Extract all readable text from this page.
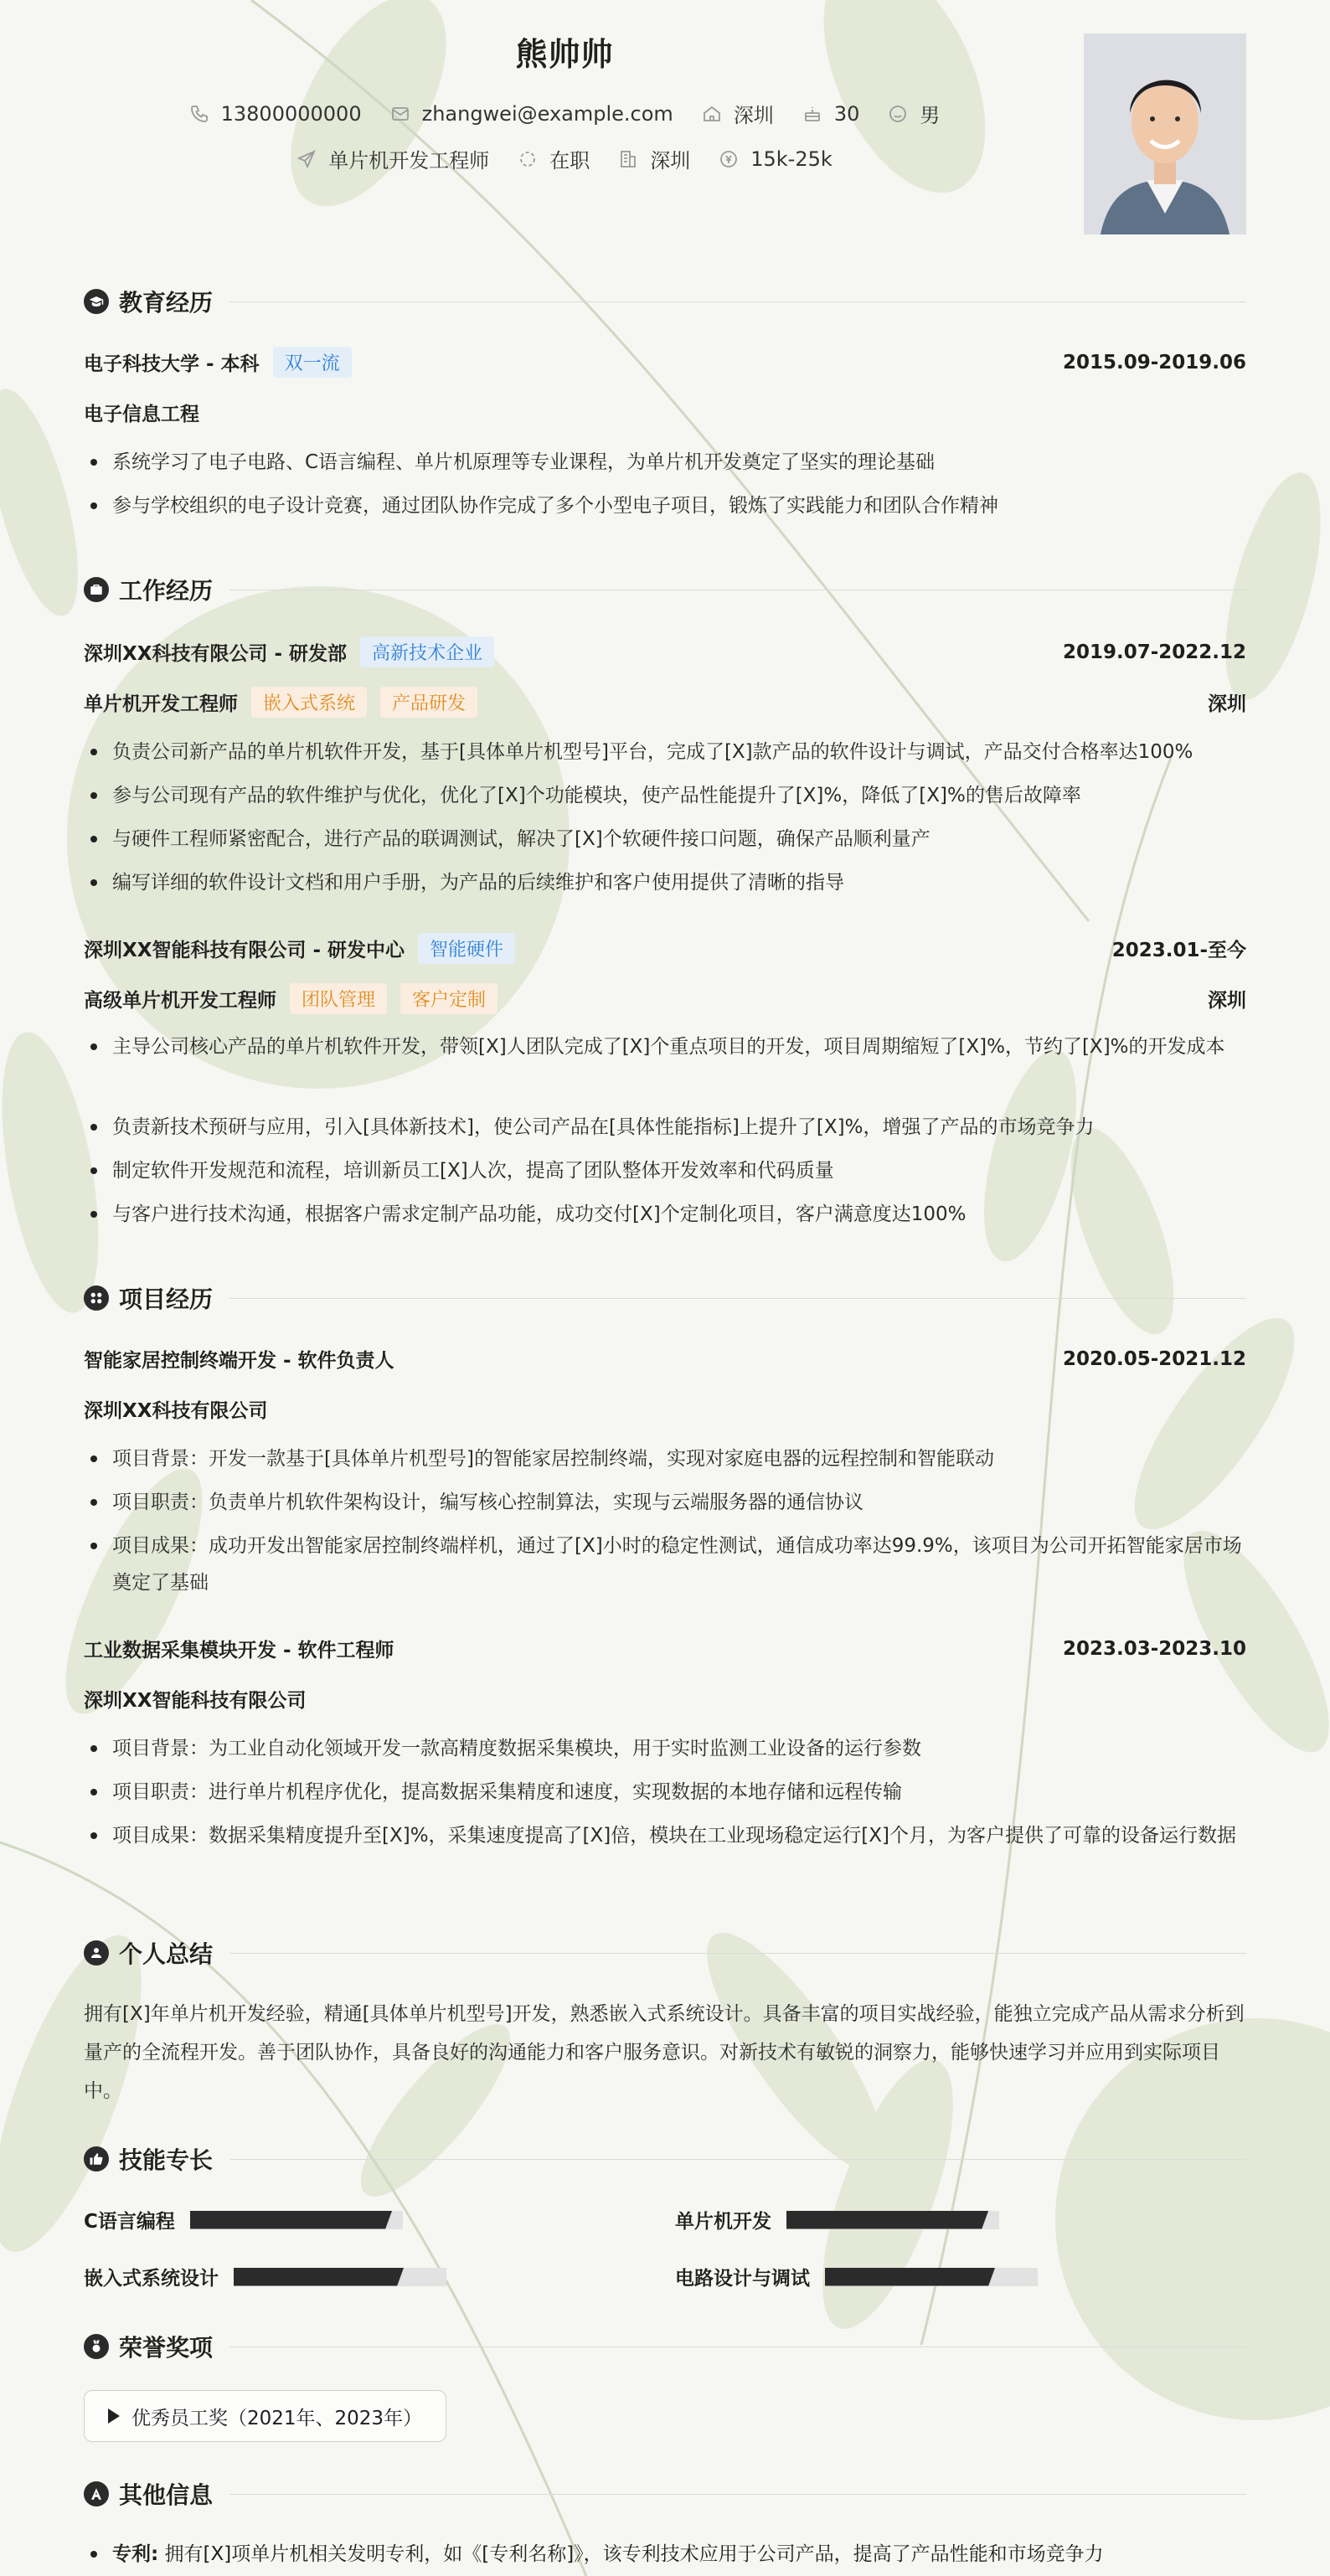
熊帅帅
13800000000	zhangwei@example.com	深圳	30	男
单片机开发工程师	在职	深圳	15k-25k
教育经历
电子科技大学 - 本科	双一流	2015.09-2019.06
电子信息工程
系统学习了电子电路、C语言编程、单片机原理等专业课程，为单片机开发奠定了坚实的理论基础
参与学校组织的电子设计竞赛，通过团队协作完成了多个小型电子项目，锻炼了实践能力和团队合作精神
工作经历
深圳XX科技有限公司 - 研发部	高新技术企业	2019.07-2022.12
单片机开发工程师	嵌入式系统	产品研发	深圳
负责公司新产品的单片机软件开发，基于[具体单片机型号]平台，完成了[X]款产品的软件设计与调试，产品交付合格率达100%
参与公司现有产品的软件维护与优化，优化了[X]个功能模块，使产品性能提升了[X]%，降低了[X]%的售后故障率
与硬件工程师紧密配合，进行产品的联调测试，解决了[X]个软硬件接口问题，确保产品顺利量产
编写详细的软件设计文档和用户手册，为产品的后续维护和客户使用提供了清晰的指导
深圳XX智能科技有限公司 - 研发中心	智能硬件	2023.01-至今
高级单片机开发工程师	团队管理	客户定制	深圳
主导公司核心产品的单片机软件开发，带领[X]人团队完成了[X]个重点项目的开发，项目周期缩短了[X]%，节约了[X]%的开发成本
负责新技术预研与应用，引入[具体新技术]，使公司产品在[具体性能指标]上提升了[X]%，增强了产品的市场竞争力
制定软件开发规范和流程，培训新员工[X]人次，提高了团队整体开发效率和代码质量
与客户进行技术沟通，根据客户需求定制产品功能，成功交付[X]个定制化项目，客户满意度达100%
项目经历
智能家居控制终端开发 - 软件负责人	2020.05-2021.12
深圳XX科技有限公司
项目背景：开发一款基于[具体单片机型号]的智能家居控制终端，实现对家庭电器的远程控制和智能联动
项目职责：负责单片机软件架构设计，编写核心控制算法，实现与云端服务器的通信协议
项目成果：成功开发出智能家居控制终端样机，通过了[X]小时的稳定性测试，通信成功率达99.9%，该项目为公司开拓智能家居市场奠定了基础
工业数据采集模块开发 - 软件工程师	2023.03-2023.10
深圳XX智能科技有限公司
项目背景：为工业自动化领域开发一款高精度数据采集模块，用于实时监测工业设备的运行参数
项目职责：进行单片机程序优化，提高数据采集精度和速度，实现数据的本地存储和远程传输
项目成果：数据采集精度提升至[X]%，采集速度提高了[X]倍，模块在工业现场稳定运行[X]个月，为客户提供了可靠的设备运行数据
个人总结
拥有[X]年单片机开发经验，精通[具体单片机型号]开发，熟悉嵌入式系统设计。具备丰富的项目实战经验，能独立完成产品从需求分析到量产的全流程开发。善于团队协作，具备良好的沟通能力和客户服务意识。对新技术有敏锐的洞察力，能够快速学习并应用到实际项目中。
技能专长
C语言编程	单片机开发
嵌入式系统设计	电路设计与调试
荣誉奖项
优秀员工奖（2021年、2023年）
其他信息
专利: 拥有[X]项单片机相关发明专利，如《[专利名称]》，该专利技术应用于公司产品，提高了产品性能和市场竞争力
